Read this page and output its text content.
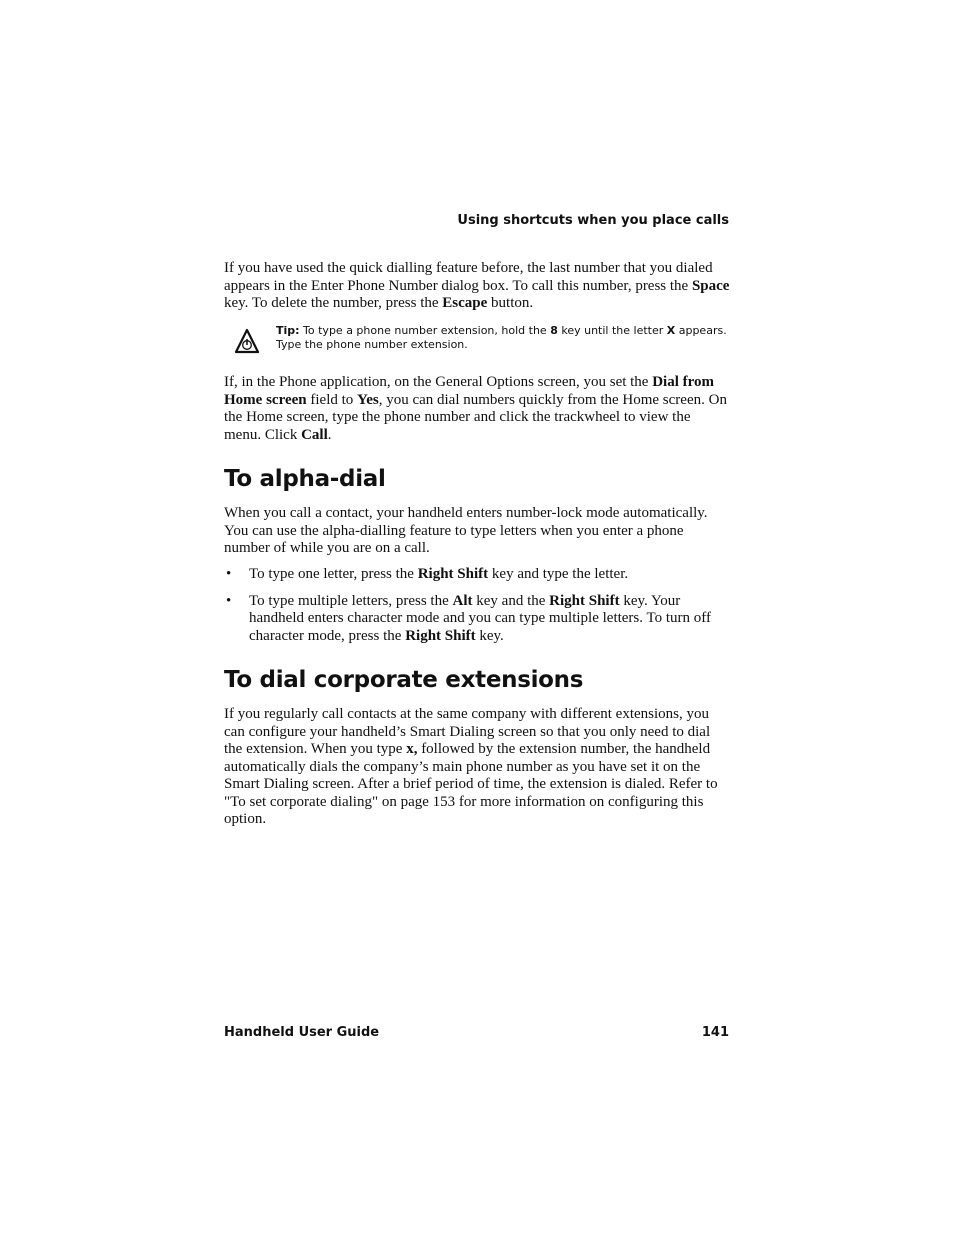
Using shortcuts when you place calls

If you have used the quick dialling feature before, the last number that you dialed appears in the Enter Phone Number dialog box. To call this number, press the Space key. To delete the number, press the Escape button.

Tip: To type a phone number extension, hold the 8 key until the letter X appears. Type the phone number extension.

If, in the Phone application, on the General Options screen, you set the Dial from Home screen field to Yes, you can dial numbers quickly from the Home screen. On the Home screen, type the phone number and click the trackwheel to view the menu. Click Call.

To alpha-dial

When you call a contact, your handheld enters number-lock mode automatically. You can use the alpha-dialling feature to type letters when you enter a phone number of while you are on a call.

• To type one letter, press the Right Shift key and type the letter.
• To type multiple letters, press the Alt key and the Right Shift key. Your handheld enters character mode and you can type multiple letters. To turn off character mode, press the Right Shift key.
To dial corporate extensions

If you regularly call contacts at the same company with different extensions, you can configure your handheld’s Smart Dialing screen so that you only need to dial the extension. When you type x, followed by the extension number, the handheld automatically dials the company’s main phone number as you have set it on the Smart Dialing screen. After a brief period of time, the extension is dialed. Refer to "To set corporate dialing" on page 153 for more information on configuring this option.

Handheld User Guide	141
